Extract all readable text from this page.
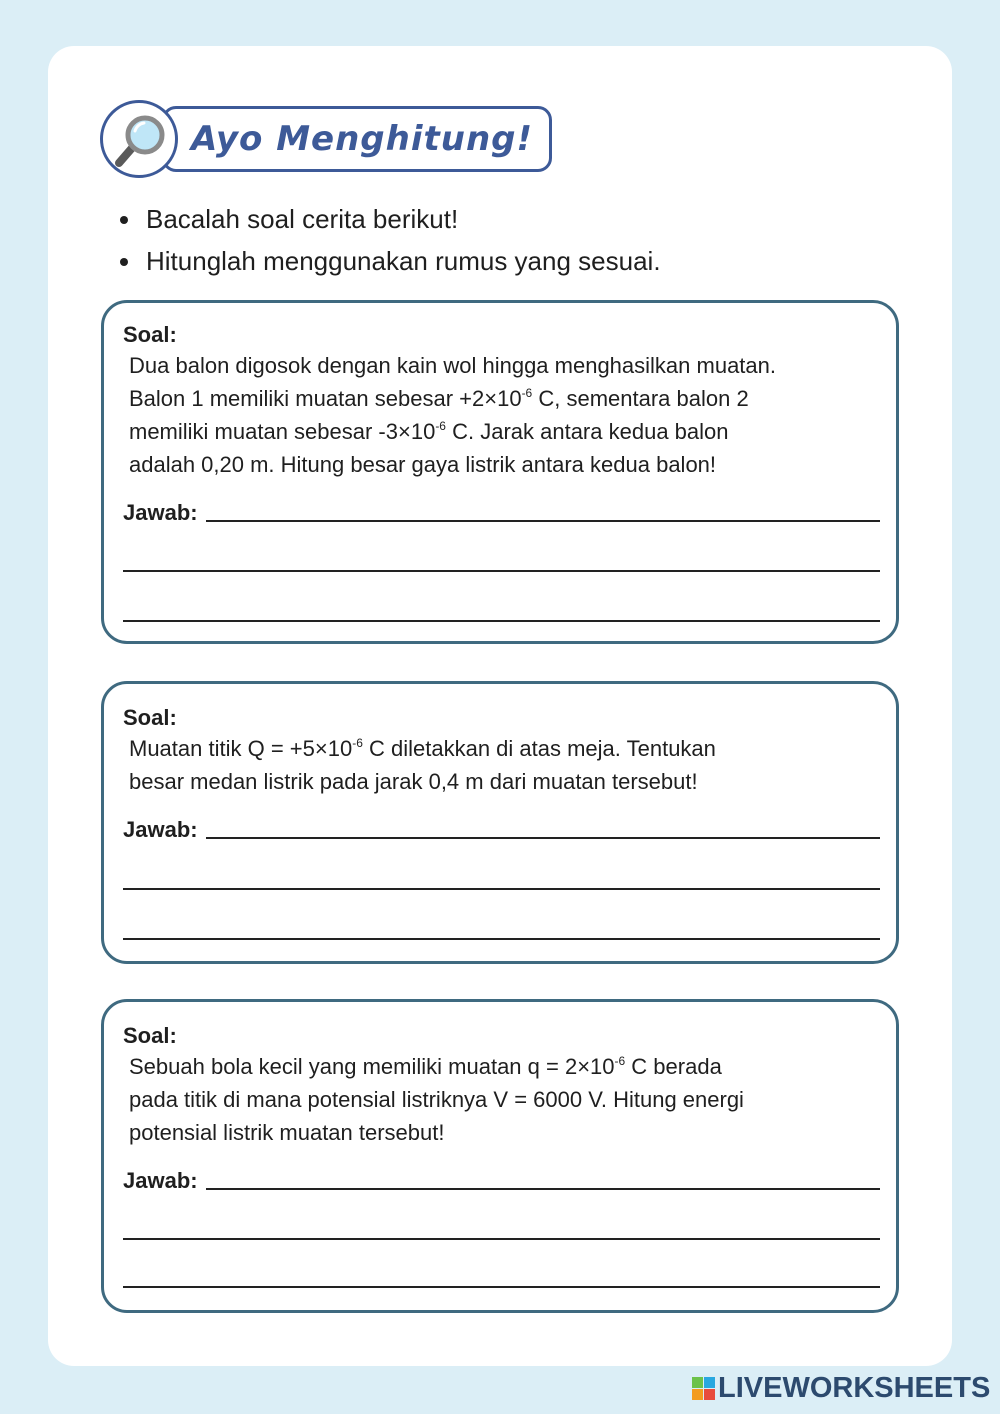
Ayo Menghitung!
Bacalah soal cerita berikut!
Hitunglah menggunakan rumus yang sesuai.
Soal:
Dua balon digosok dengan kain wol hingga menghasilkan muatan.
Balon 1 memiliki muatan sebesar $+2\times 10^{-6}$ C, sementara balon 2
memiliki muatan sebesar $-3\times 10^{-6}$ C. Jarak antara kedua balon
adalah 0,20 m. Hitung besar gaya listrik antara kedua balon!
Jawab:
Soal:
Muatan titik $Q = +5\times 10^{-6}$ C diletakkan di atas meja. Tentukan
besar medan listrik pada jarak 0,4 m dari muatan tersebut!
Jawab:
Soal:
Sebuah bola kecil yang memiliki muatan $q = 2\times 10^{-6}$ C berada
pada titik di mana potensial listriknya V = 6000 V. Hitung energi
potensial listrik muatan tersebut!
Jawab:
LIVEWORKSHEETS
